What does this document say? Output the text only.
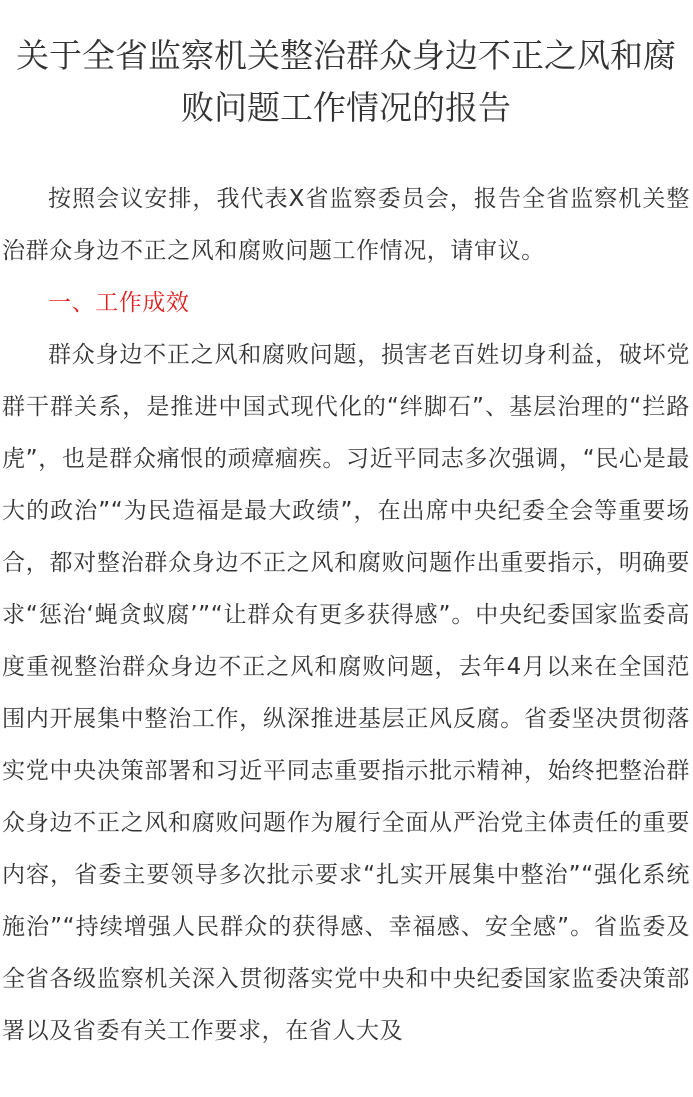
关于全省监察机关整治群众身边不正之风和腐败问题工作情况的报告

按照会议安排，我代表X省监察委员会，报告全省监察机关整治群众身边不正之风和腐败问题工作情况，请审议。

一、工作成效

群众身边不正之风和腐败问题，损害老百姓切身利益，破坏党群干群关系，是推进中国式现代化的“绊脚石”、基层治理的“拦路虎”，也是群众痛恨的顽瘴痼疾。习近平同志多次强调，“民心是最大的政治”“为民造福是最大政绩”，在出席中央纪委全会等重要场合，都对整治群众身边不正之风和腐败问题作出重要指示，明确要求“惩治‘蝇贪蚁腐’”“让群众有更多获得感”。中央纪委国家监委高度重视整治群众身边不正之风和腐败问题，去年4月以来在全国范围内开展集中整治工作，纵深推进基层正风反腐。省委坚决贯彻落实党中央决策部署和习近平同志重要指示批示精神，始终把整治群众身边不正之风和腐败问题作为履行全面从严治党主体责任的重要内容，省委主要领导多次批示要求“扎实开展集中整治”“强化系统施治”“持续增强人民群众的获得感、幸福感、安全感”。省监委及全省各级监察机关深入贯彻落实党中央和中央纪委国家监委决策部署以及省委有关工作要求，在省人大及
